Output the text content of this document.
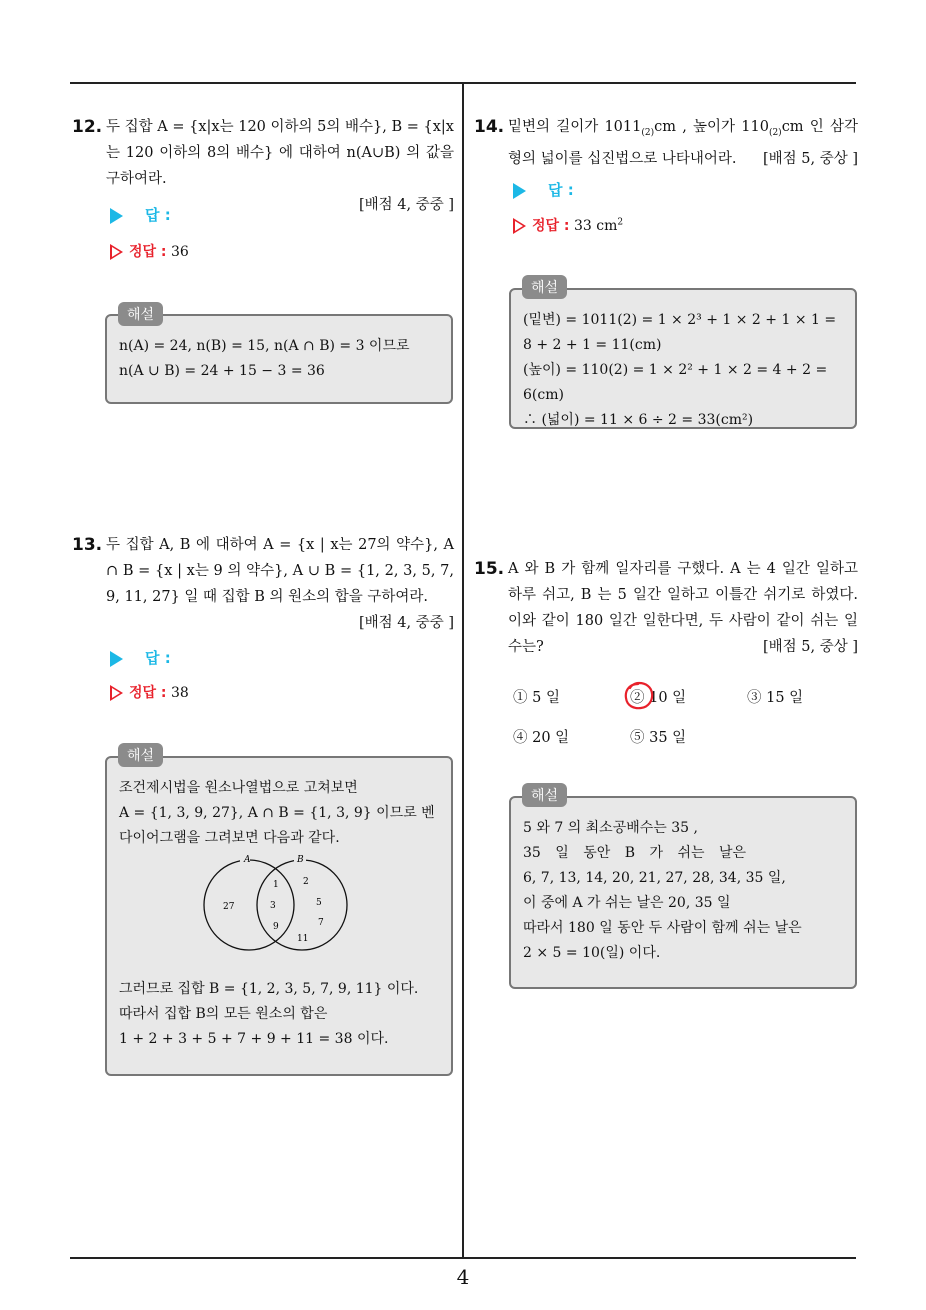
12. 두 집합 A = {x|x는 120 이하의 5의 배수}, B = {x|x는 120 이하의 8의 배수} 에 대하여 n(A∪B) 의 값을 구하여라.
[배점 4, 중중 ]
답 :
정답 : 36
n(A) = 24, n(B) = 15, n(A ∩ B) = 3 이므로
n(A ∪ B) = 24 + 15 − 3 = 36
해설
13. 두 집합 A, B 에 대하여 A = {x | x는 27의 약수}, A ∩ B = {x | x는 9 의 약수}, A ∪ B = {1, 2, 3, 5, 7, 9, 11, 27} 일 때 집합 B 의 원소의 합을 구하여라.
[배점 4, 중중 ]
답 :
정답 : 38
조건제시법을 원소나열법으로 고쳐보면
A = {1, 3, 9, 27}, A ∩ B = {1, 3, 9} 이므로 벤
다이어그램을 그려보면 다음과 같다.
A	B
27
1
3
9
2
5
7
11
그러므로 집합 B = {1, 2, 3, 5, 7, 9, 11} 이다.
따라서 집합 B의 모든 원소의 합은
1 + 2 + 3 + 5 + 7 + 9 + 11 = 38 이다.
해설
14. 밑변의 길이가 $1011_{(2)}cm$ , 높이가 $110_{(2)}cm$ 인 삼각형의 넓이를 십진법으로 나타내어라.	[배점 5, 중상 ]
답 :
정답 : 33 $cm^2$
(밑변) = 1011(2) = 1 × 2³ + 1 × 2 + 1 × 1 =
8 + 2 + 1 = 11(cm)
(높이) = 110(2) = 1 × 2² + 1 × 2 = 4 + 2 = 6(cm)
∴ (넓이) = 11 × 6 ÷ 2 = 33(cm²)
해설
15. A 와 B 가 함께 일자리를 구했다. A 는 4 일간 일하고 하루 쉬고, B 는 5 일간 일하고 이틀간 쉬기로 하였다. 이와 같이 180 일간 일한다면, 두 사람이 같이 쉬는 일수는?	[배점 5, 중상 ]
① 5 일	② 10 일	③ 15 일
④ 20 일	⑤ 35 일
5 와 7 의 최소공배수는 35 ,
35 일 동안 B 가 쉬는 날은
6, 7, 13, 14, 20, 21, 27, 28, 34, 35 일,
이 중에 A 가 쉬는 날은 20, 35 일
따라서 180 일 동안 두 사람이 함께 쉬는 날은
2 × 5 = 10(일) 이다.
해설
4
